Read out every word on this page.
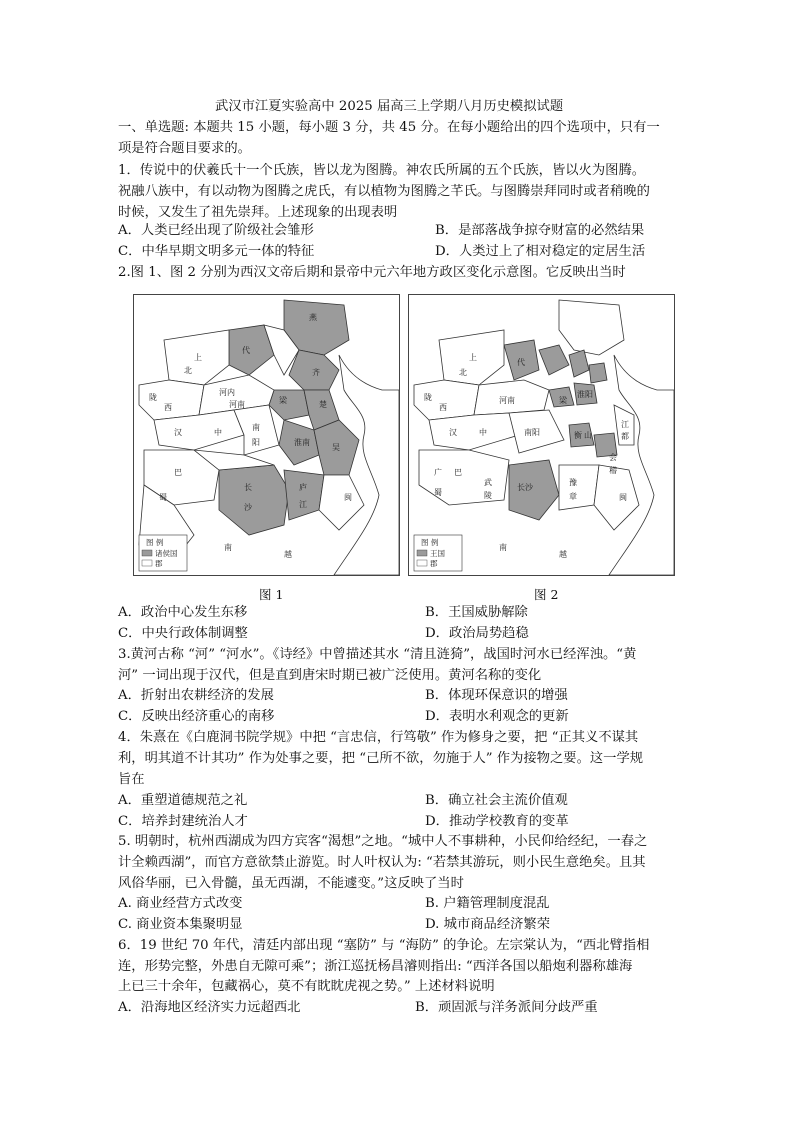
武汉市江夏实验高中 2025 届高三上学期八月历史模拟试题
一、单选题: 本题共 15 小题，每小题 3 分，共 45 分。在每小题给出的四个选项中，只有一
项是符合题目要求的。
1．传说中的伏羲氏十一个氏族，皆以龙为图腾。神农氏所属的五个氏族，皆以火为图腾。
祝融八族中，有以动物为图腾之虎氏，有以植物为图腾之芊氏。与图腾崇拜同时或者稍晚的
时候，又发生了祖先崇拜。上述现象的出现表明
A．人类已经出现了阶级社会雏形	B．是部落战争掠夺财富的必然结果
C．中华早期文明多元一体的特征	D．人类过上了相对稳定的定居生活
2.图 1、图 2 分别为西汉文帝后期和景帝中元六年地方政区变化示意图。它反映出当时
燕
代
上
北
陇
西
河内
河南
汉	中
南
阳
梁	楚
齐
淮南
吴
巴
蜀
长
沙
庐
江
闽
南
越
图 例
诸侯国
郡
上
代
北
陇
西
河南
汉	中	南阳
梁
淮阳
衡 山
江
都
广 巴
蜀
武
陵
长沙
豫
章
会
稽
闽
南
越
图 例
王国
郡
图 1	图 2
A．政治中心发生东移	B．王国威胁解除
C．中央行政体制调整	D．政治局势趋稳
3.黄河古称 “河” “河水”。《诗经》中曾描述其水 “清且涟猗”，战国时河水已经浑浊。“黄
河” 一词出现于汉代，但是直到唐宋时期已被广泛使用。黄河名称的变化
A．折射出农耕经济的发展	B．体现环保意识的增强
C．反映出经济重心的南移	D．表明水利观念的更新
4．朱熹在《白鹿洞书院学规》中把 “言忠信，行笃敬” 作为修身之要，把 “正其义不谋其
利，明其道不计其功” 作为处事之要，把 “己所不欲，勿施于人” 作为接物之要。这一学规
旨在
A．重塑道德规范之礼	B．确立社会主流价值观
C．培养封建统治人才	D．推动学校教育的变革
5. 明朝时，杭州西湖成为四方宾客“渴想”之地。“城中人不事耕种，小民仰给经纪，一春之
计全赖西湖”，而官方意欲禁止游览。时人叶权认为: “若禁其游玩，则小民生意绝矣。且其
风俗华丽，已入骨髓，虽无西湖，不能遽变。”这反映了当时
A. 商业经营方式改变	B. 户籍管理制度混乱
C. 商业资本集聚明显	D. 城市商品经济繁荣
6．19 世纪 70 年代，清廷内部出现 “塞防” 与 “海防” 的争论。左宗棠认为，“西北臂指相
连，形势完整，外患自无隙可乘”；浙江巡抚杨昌濬则指出: “西洋各国以船炮利器称雄海
上已三十余年，包藏祸心，莫不有眈眈虎视之势。” 上述材料说明
A．沿海地区经济实力远超西北	B．顽固派与洋务派间分歧严重
